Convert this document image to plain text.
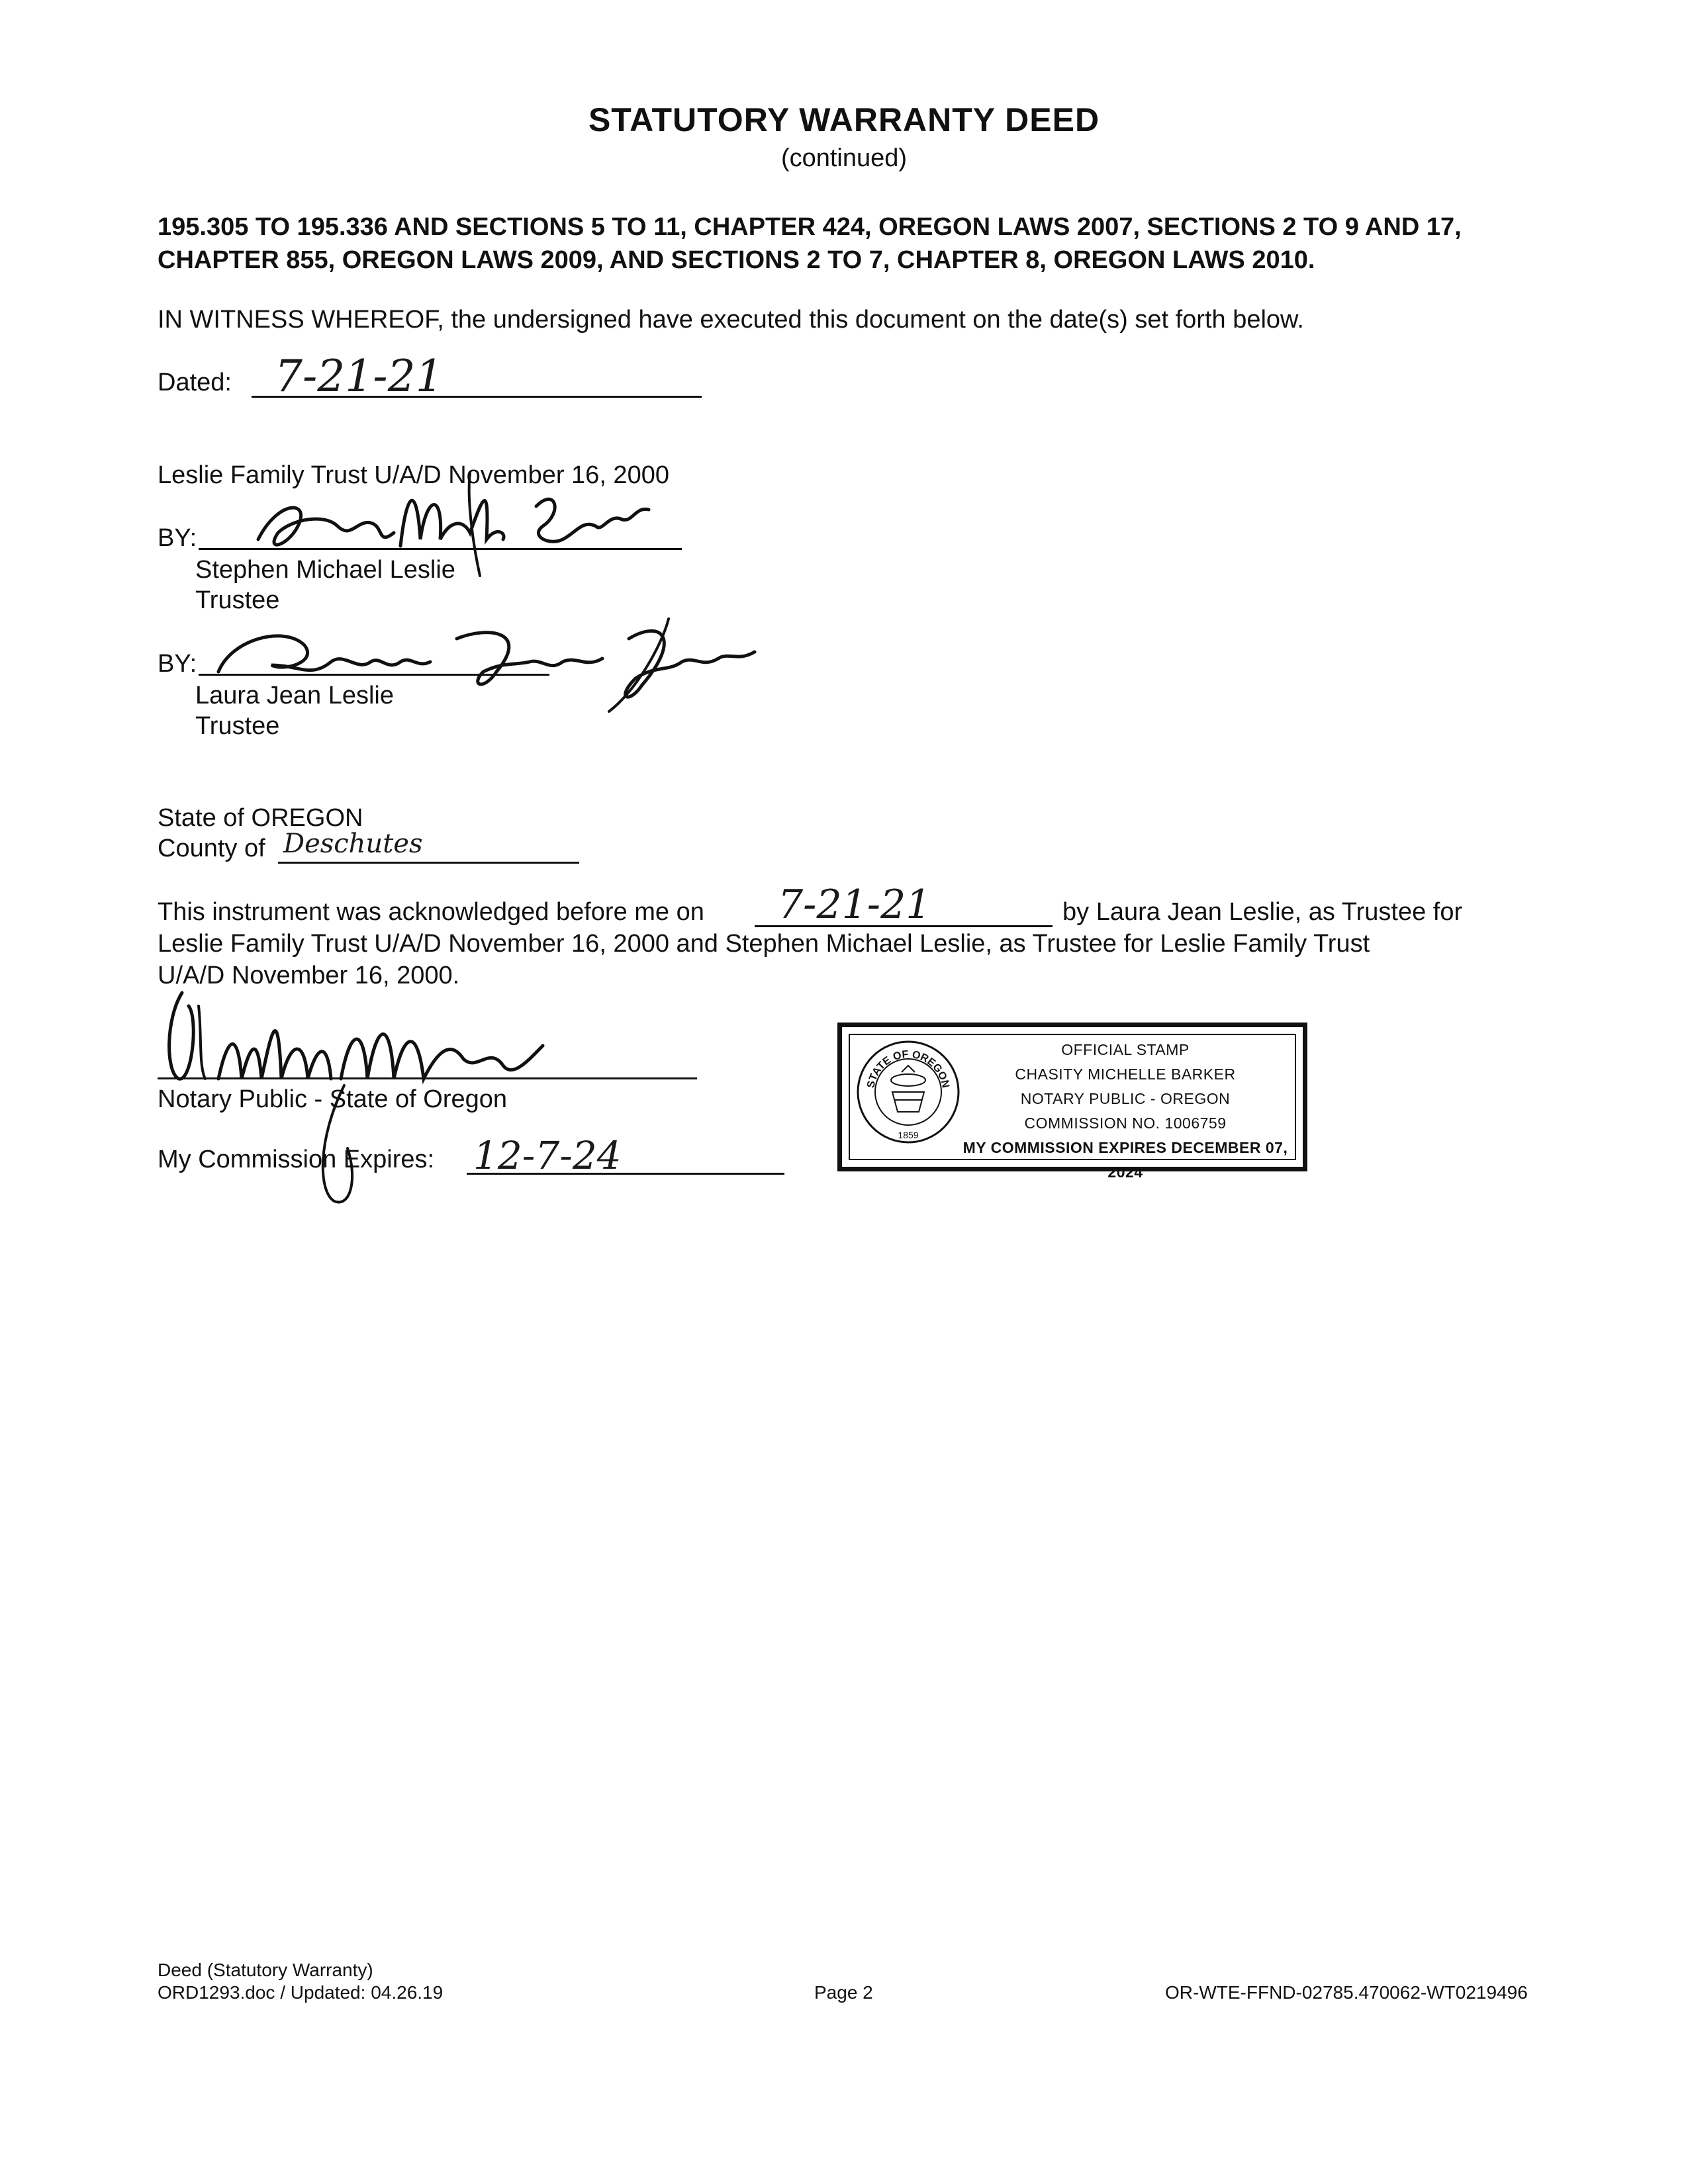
STATUTORY WARRANTY DEED
(continued)
195.305 TO 195.336 AND SECTIONS 5 TO 11, CHAPTER 424, OREGON LAWS 2007, SECTIONS 2 TO 9 AND 17, CHAPTER 855, OREGON LAWS 2009, AND SECTIONS 2 TO 7, CHAPTER 8, OREGON LAWS 2010.
IN WITNESS WHEREOF, the undersigned have executed this document on the date(s) set forth below.
Dated: 7-21-21
Leslie Family Trust U/A/D November 16, 2000
BY:
Stephen Michael Leslie
Trustee
BY:
Laura Jean Leslie
Trustee
State of OREGON
County of Deschutes
This instrument was acknowledged before me on 7-21-21	by Laura Jean Leslie, as Trustee for
Leslie Family Trust U/A/D November 16, 2000 and Stephen Michael Leslie, as Trustee for Leslie Family Trust
U/A/D November 16, 2000.
Notary Public - State of Oregon
My Commission Expires: 12-7-24
STATE OF OREGON
1859
OFFICIAL STAMP
CHASITY MICHELLE BARKER
NOTARY PUBLIC - OREGON
COMMISSION NO. 1006759
MY COMMISSION EXPIRES DECEMBER 07, 2024
Deed (Statutory Warranty)
ORD1293.doc / Updated: 04.26.19	Page 2	OR-WTE-FFND-02785.470062-WT0219496
